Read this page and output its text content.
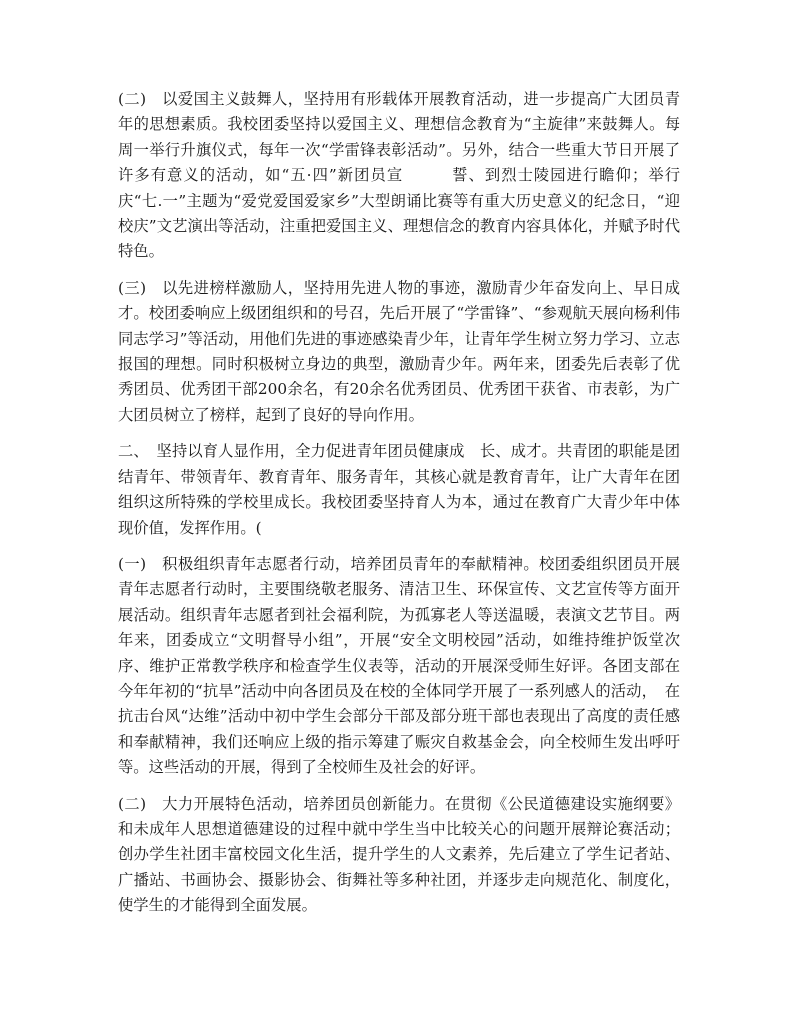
(二)　以爱国主义鼓舞人，坚持用有形载体开展教育活动，进一步提高广大团员青年的思想素质。我校团委坚持以爱国主义、理想信念教育为“主旋律”来鼓舞人。每周一举行升旗仪式，每年一次“学雷锋表彰活动”。另外，结合一些重大节日开展了许多有意义的活动，如“五·四”新团员宣　　　誓、到烈士陵园进行瞻仰；举行庆“七.一”主题为“爱党爱国爱家乡”大型朗诵比赛等有重大历史意义的纪念日，“迎校庆”文艺演出等活动，注重把爱国主义、理想信念的教育内容具体化，并赋予时代特色。

(三)　以先进榜样激励人，坚持用先进人物的事迹，激励青少年奋发向上、早日成才。校团委响应上级团组织和的号召，先后开展了“学雷锋”、“参观航天展向杨利伟同志学习”等活动，用他们先进的事迹感染青少年，让青年学生树立努力学习、立志报国的理想。同时积极树立身边的典型，激励青少年。两年来，团委先后表彰了优秀团员、优秀团干部200余名，有20余名优秀团员、优秀团干获省、市表彰，为广大团员树立了榜样，起到了良好的导向作用。

二、　坚持以育人显作用，全力促进青年团员健康成　长、成才。共青团的职能是团结青年、带领青年、教育青年、服务青年，其核心就是教育青年，让广大青年在团组织这所特殊的学校里成长。我校团委坚持育人为本，通过在教育广大青少年中体现价值，发挥作用。(

(一)　积极组织青年志愿者行动，培养团员青年的奉献精神。校团委组织团员开展青年志愿者行动时，主要围绕敬老服务、清洁卫生、环保宣传、文艺宣传等方面开展活动。组织青年志愿者到社会福利院，为孤寡老人等送温暖，表演文艺节目。两年来，团委成立“文明督导小组”，开展“安全文明校园”活动，如维持维护饭堂次序、维护正常教学秩序和检查学生仪表等，活动的开展深受师生好评。各团支部在今年年初的“抗旱”活动中向各团员及在校的全体同学开展了一系列感人的活动，　在抗击台风“达维”活动中初中学生会部分干部及部分班干部也表现出了高度的责任感和奉献精神，我们还响应上级的指示筹建了赈灾自救基金会，向全校师生发出呼吁等。这些活动的开展，得到了全校师生及社会的好评。

(二)　大力开展特色活动，培养团员创新能力。在贯彻《公民道德建设实施纲要》和未成年人思想道德建设的过程中就中学生当中比较关心的问题开展辩论赛活动；创办学生社团丰富校园文化生活，提升学生的人文素养，先后建立了学生记者站、广播站、书画协会、摄影协会、街舞社等多种社团，并逐步走向规范化、制度化，使学生的才能得到全面发展。
